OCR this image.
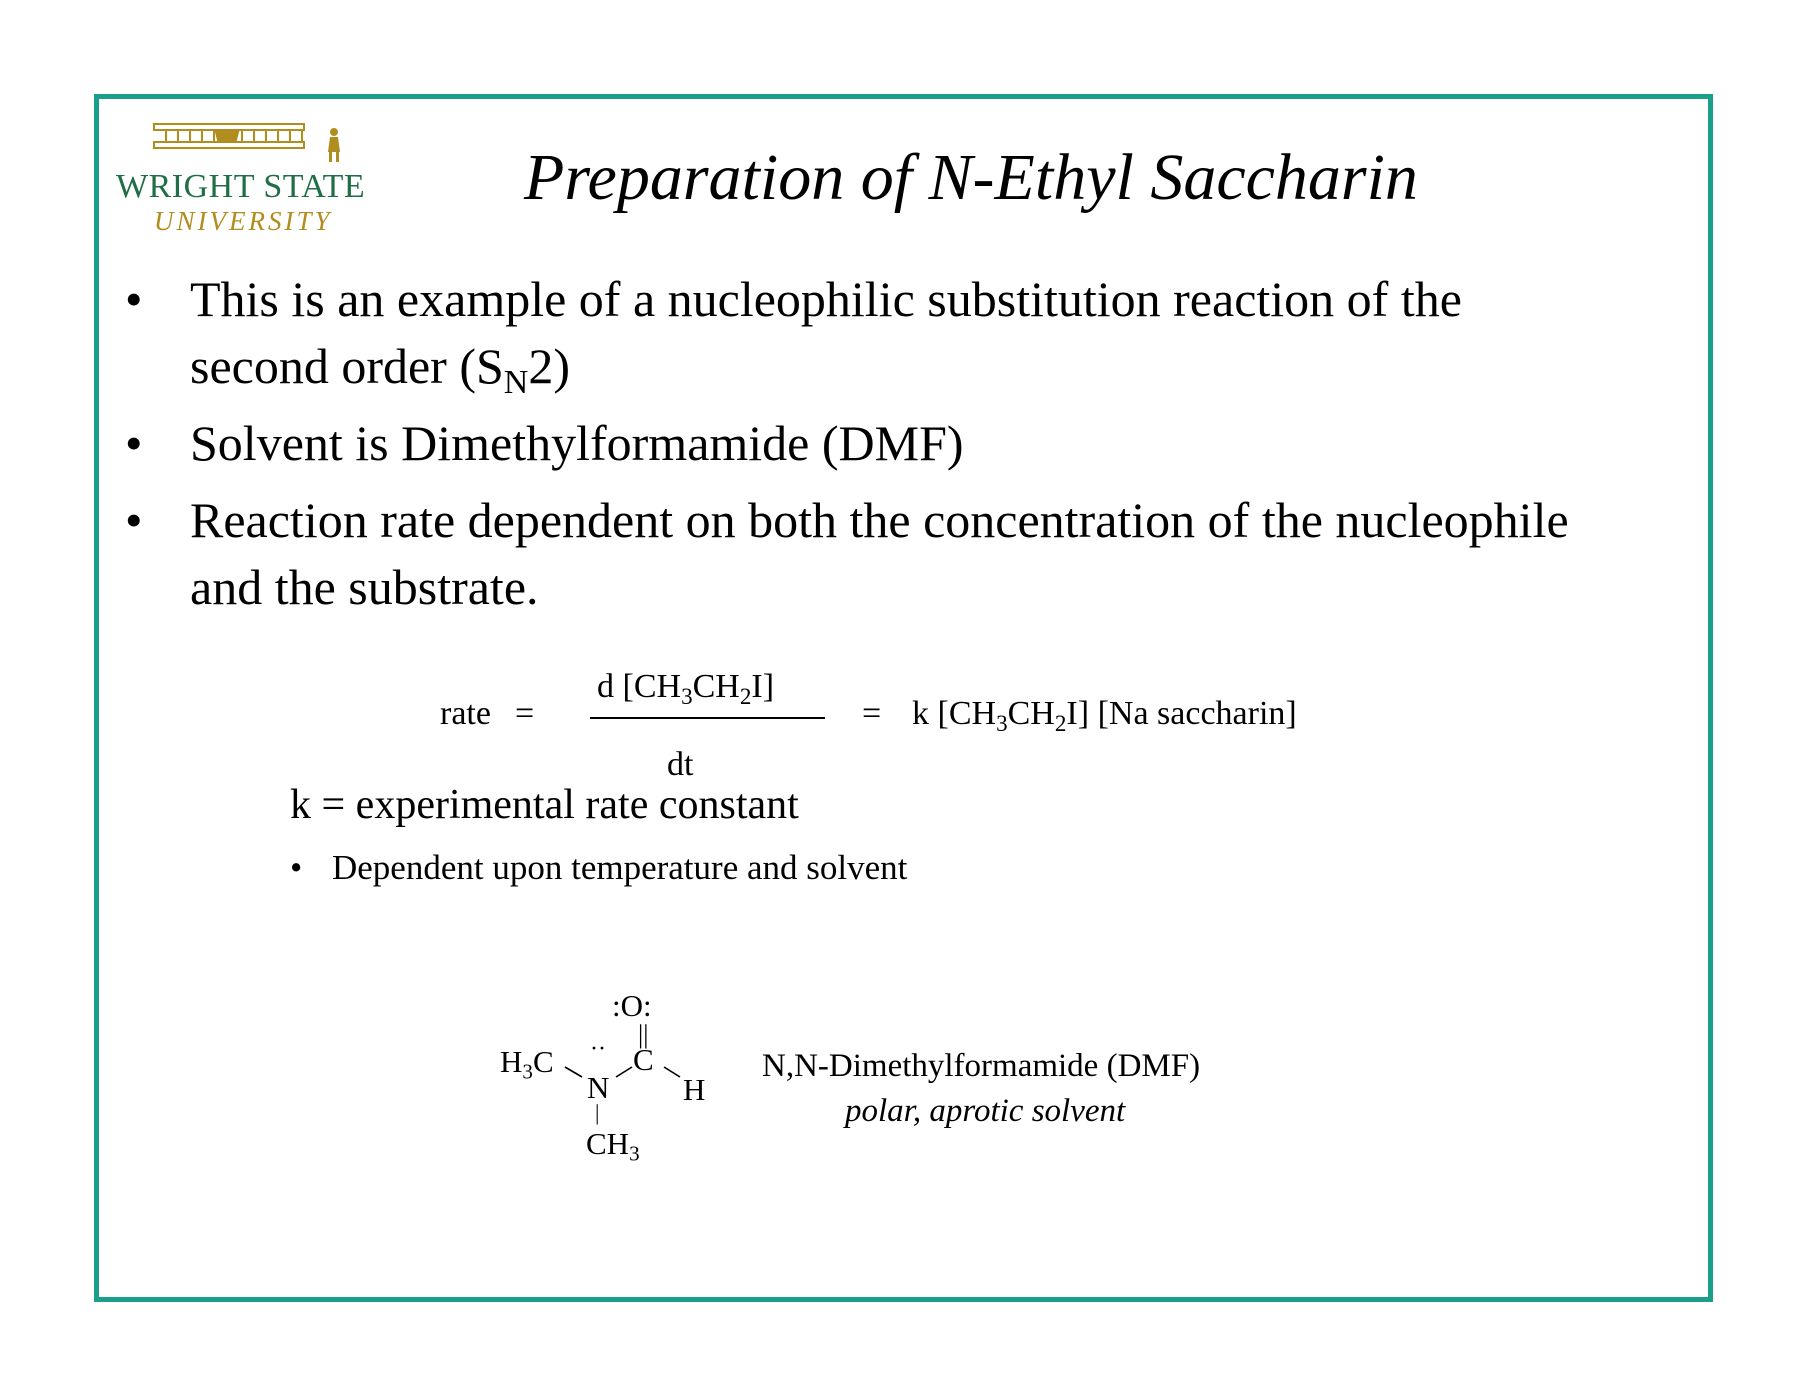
WRIGHT STATE
UNIVERSITY
Preparation of N-Ethyl Saccharin
• This is an example of a nucleophilic substitution reaction of the second order $(S_N2)$
• Solvent is Dimethylformamide (DMF)
• Reaction rate dependent on both the concentration of the nucleophile and the substrate.
rate =
d $[CH_3CH_2I]$
dt
= k $[CH_3CH_2I]$ [Na saccharin]
k = experimental rate constant
• Dependent upon temperature and solvent
:O:
||
$H_3C$ ··
N
C
H
|
$CH_3$
N,N-Dimethylformamide (DMF)
polar, aprotic solvent
